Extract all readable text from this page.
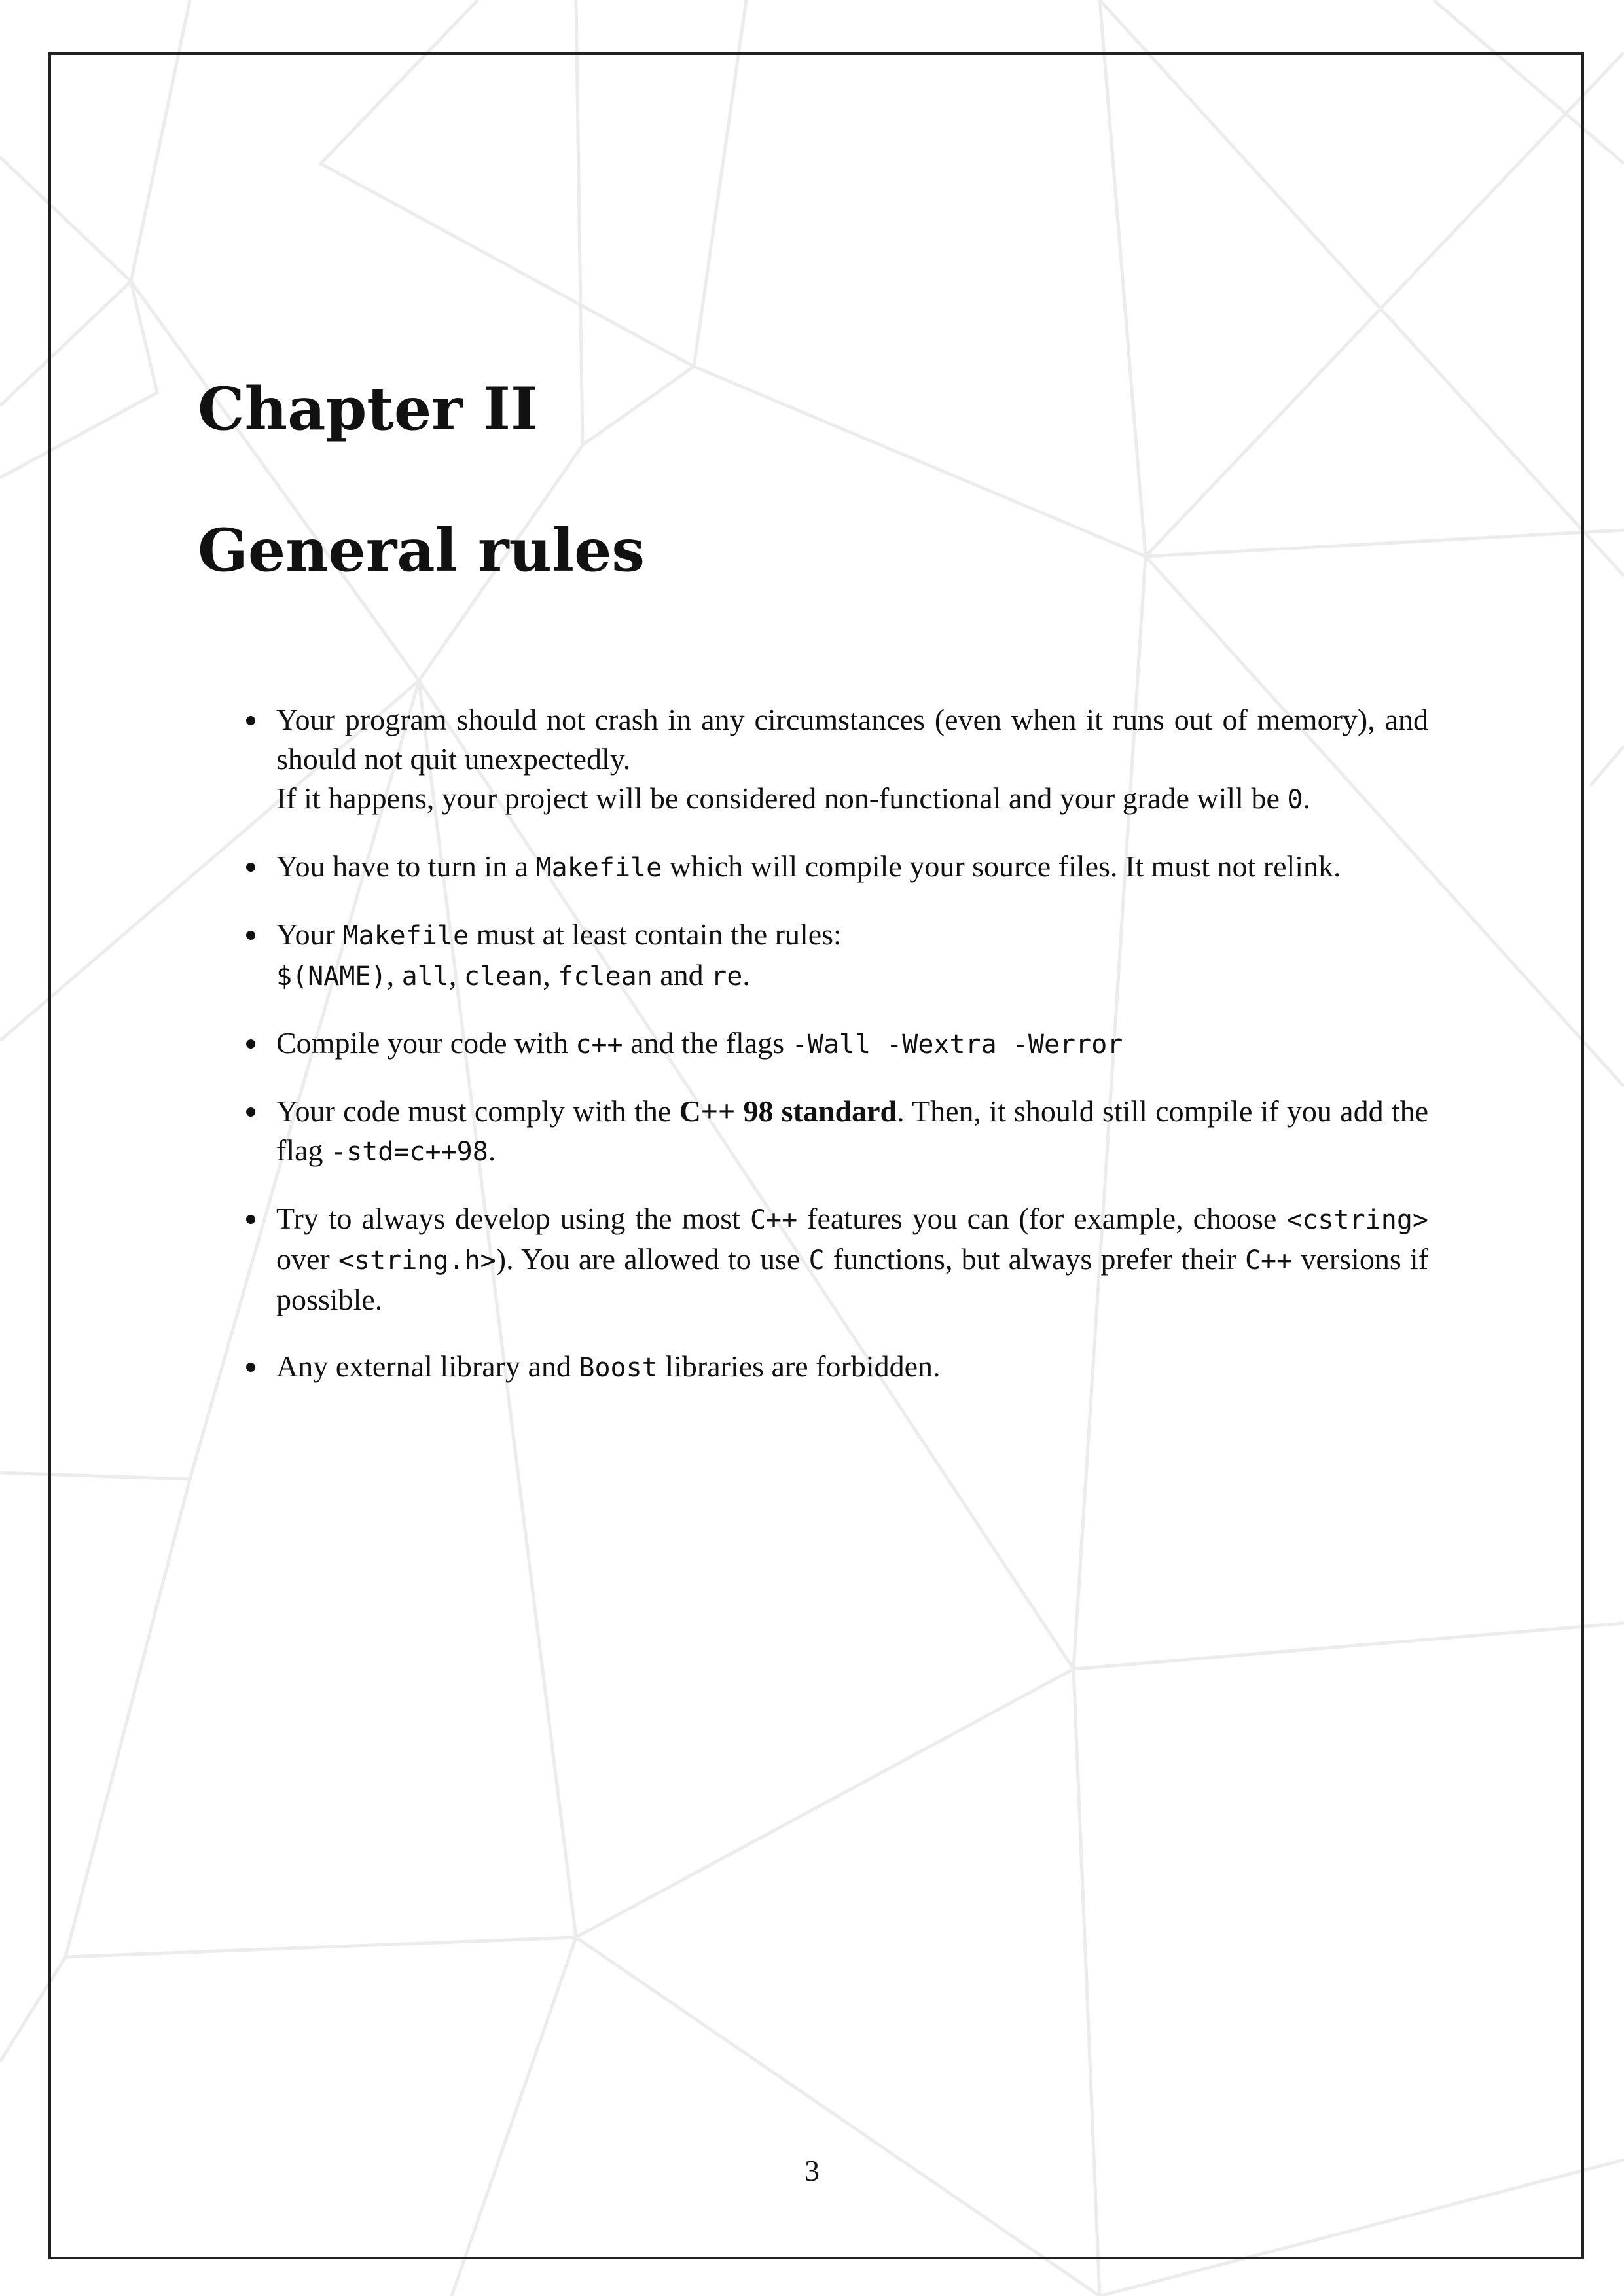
Chapter II
General rules
Your program should not crash in any circumstances (even when it runs out of memory), and should not quit unexpectedly.
If it happens, your project will be considered non-functional and your grade will be 0.
You have to turn in a Makefile which will compile your source files. It must not relink.
Your Makefile must at least contain the rules:
$(NAME), all, clean, fclean and re.
Compile your code with c++ and the flags -Wall -Wextra -Werror
Your code must comply with the C++ 98 standard. Then, it should still compile if you add the flag -std=c++98.
Try to always develop using the most C++ features you can (for example, choose <cstring> over <string.h>). You are allowed to use C functions, but always prefer their C++ versions if possible.
Any external library and Boost libraries are forbidden.
3
